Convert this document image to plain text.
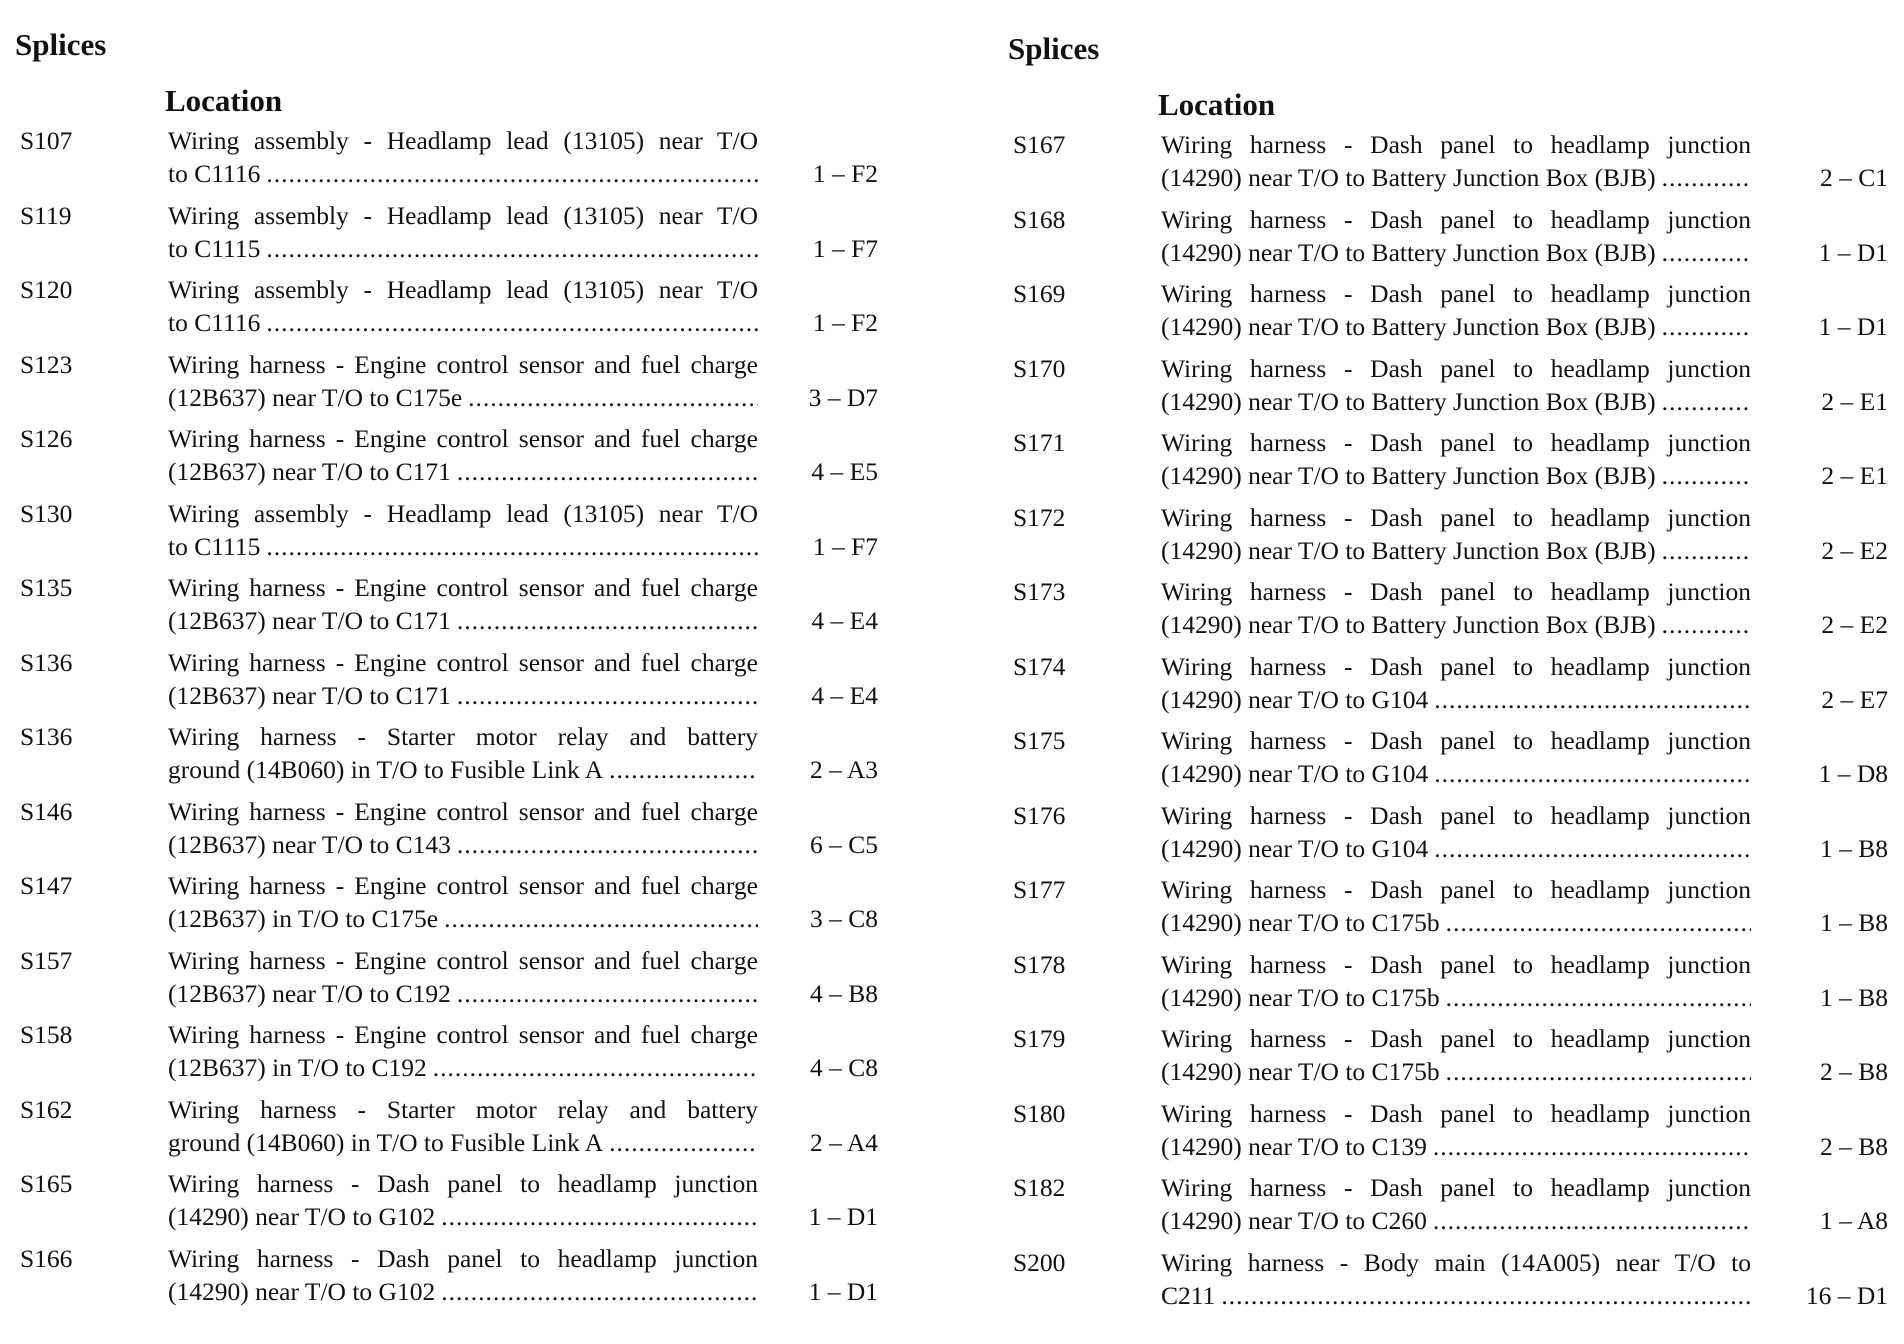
Splices
Location
S107	Wiring assembly - Headlamp lead (13105) near T/O
to C1116 .....	1 – F2
S119	Wiring assembly - Headlamp lead (13105) near T/O
to C1115 .....	1 – F7
S120	Wiring assembly - Headlamp lead (13105) near T/O
to C1116 .....	1 – F2
S123	Wiring harness - Engine control sensor and fuel charge
(12B637) near T/O to C175e .....	3 – D7
S126	Wiring harness - Engine control sensor and fuel charge
(12B637) near T/O to C171 .....	4 – E5
S130	Wiring assembly - Headlamp lead (13105) near T/O
to C1115 .....	1 – F7
S135	Wiring harness - Engine control sensor and fuel charge
(12B637) near T/O to C171 .....	4 – E4
S136	Wiring harness - Engine control sensor and fuel charge
(12B637) near T/O to C171 .....	4 – E4
S136	Wiring harness - Starter motor relay and battery
ground (14B060) in T/O to Fusible Link A .....	2 – A3
S146	Wiring harness - Engine control sensor and fuel charge
(12B637) near T/O to C143 .....	6 – C5
S147	Wiring harness - Engine control sensor and fuel charge
(12B637) in T/O to C175e .....	3 – C8
S157	Wiring harness - Engine control sensor and fuel charge
(12B637) near T/O to C192 .....	4 – B8
S158	Wiring harness - Engine control sensor and fuel charge
(12B637) in T/O to C192 .....	4 – C8
S162	Wiring harness - Starter motor relay and battery
ground (14B060) in T/O to Fusible Link A .....	2 – A4
S165	Wiring harness - Dash panel to headlamp junction
(14290) near T/O to G102 .....	1 – D1
S166	Wiring harness - Dash panel to headlamp junction
(14290) near T/O to G102 .....	1 – D1
Splices
Location
S167	Wiring harness - Dash panel to headlamp junction
(14290) near T/O to Battery Junction Box (BJB) .....	2 – C1
S168	Wiring harness - Dash panel to headlamp junction
(14290) near T/O to Battery Junction Box (BJB) .....	1 – D1
S169	Wiring harness - Dash panel to headlamp junction
(14290) near T/O to Battery Junction Box (BJB) .....	1 – D1
S170	Wiring harness - Dash panel to headlamp junction
(14290) near T/O to Battery Junction Box (BJB) .....	2 – E1
S171	Wiring harness - Dash panel to headlamp junction
(14290) near T/O to Battery Junction Box (BJB) .....	2 – E1
S172	Wiring harness - Dash panel to headlamp junction
(14290) near T/O to Battery Junction Box (BJB) .....	2 – E2
S173	Wiring harness - Dash panel to headlamp junction
(14290) near T/O to Battery Junction Box (BJB) .....	2 – E2
S174	Wiring harness - Dash panel to headlamp junction
(14290) near T/O to G104 .....	2 – E7
S175	Wiring harness - Dash panel to headlamp junction
(14290) near T/O to G104 .....	1 – D8
S176	Wiring harness - Dash panel to headlamp junction
(14290) near T/O to G104 .....	1 – B8
S177	Wiring harness - Dash panel to headlamp junction
(14290) near T/O to C175b .....	1 – B8
S178	Wiring harness - Dash panel to headlamp junction
(14290) near T/O to C175b .....	1 – B8
S179	Wiring harness - Dash panel to headlamp junction
(14290) near T/O to C175b .....	2 – B8
S180	Wiring harness - Dash panel to headlamp junction
(14290) near T/O to C139 .....	2 – B8
S182	Wiring harness - Dash panel to headlamp junction
(14290) near T/O to C260 .....	1 – A8
S200	Wiring harness - Body main (14A005) near T/O to
C211 .....	16 – D1
